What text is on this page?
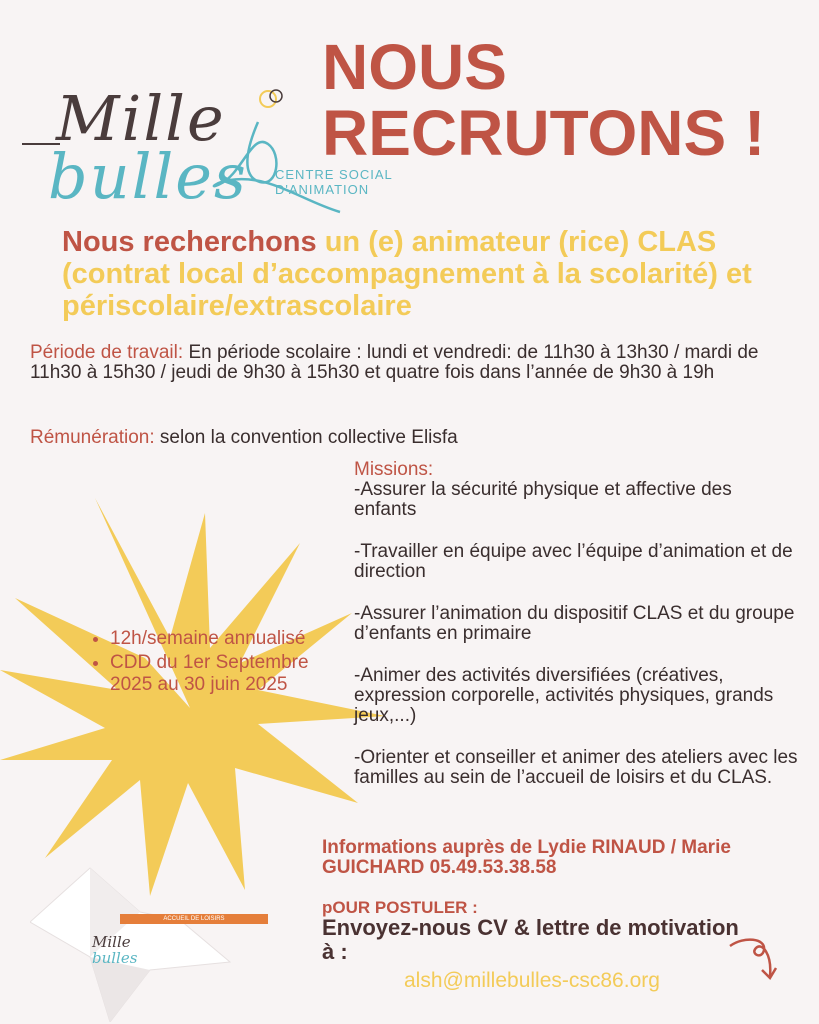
Mille
bulles CENTRE SOCIAL
D'ANIMATION
NOUS
RECRUTONS !
Nous recherchons un (e) animateur (rice) CLAS (contrat local d’accompagnement à la scolarité) et périscolaire/extrascolaire
Période de travail: En période scolaire : lundi et vendredi: de 11h30 à 13h30 / mardi de 11h30 à 15h30 / jeudi de 9h30 à 15h30 et quatre fois dans l’année de 9h30 à 19h
Rémunération: selon la convention collective Elisfa
• 12h/semaine annualisé
• CDD du 1er Septembre 2025 au 30 juin 2025
Missions:
-Assurer la sécurité physique et affective des enfants
-Travailler en équipe avec l’équipe d’animation et de direction
-Assurer l’animation du dispositif CLAS et du groupe d’enfants en primaire
-Animer des activités diversifiées (créatives, expression corporelle, activités physiques, grands jeux,...)
-Orienter et conseiller et animer des ateliers avec les familles au sein de l’accueil de loisirs et du CLAS.
Informations auprès de Lydie RINAUD / Marie GUICHARD 05.49.53.38.58
pOUR POSTULER :
Envoyez-nous CV & lettre de motivation à :
alsh@millebulles-csc86.org
ACCUEIL DE LOISIRS
Mille
bulles
